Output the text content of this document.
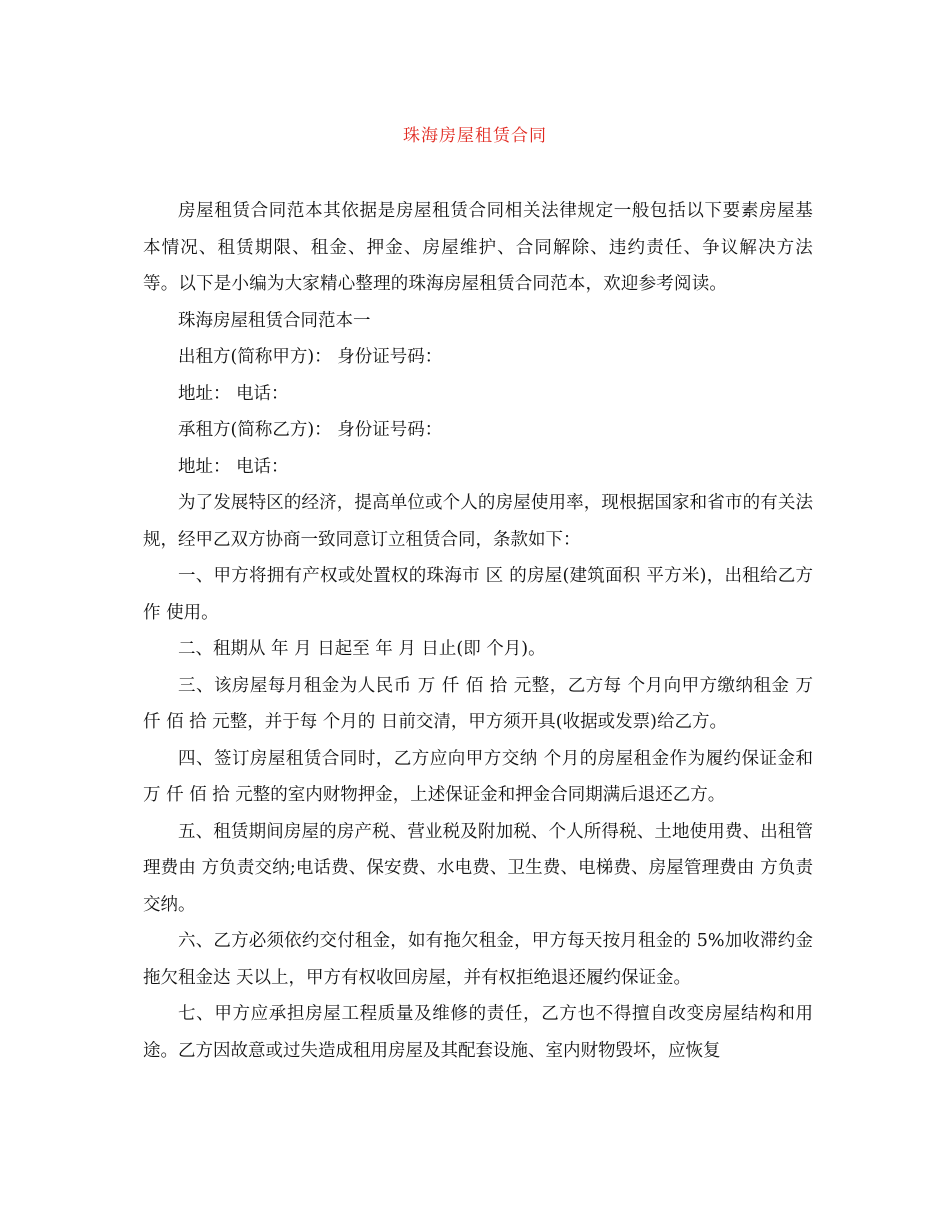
珠海房屋租赁合同

房屋租赁合同范本其依据是房屋租赁合同相关法律规定一般包括以下要素房屋基本情况、租赁期限、租金、押金、房屋维护、合同解除、违约责任、争议解决方法等。以下是小编为大家精心整理的珠海房屋租赁合同范本，欢迎参考阅读。

珠海房屋租赁合同范本一

出租方(简称甲方)： 身份证号码：

地址： 电话：

承租方(简称乙方)： 身份证号码：

地址： 电话：

为了发展特区的经济，提高单位或个人的房屋使用率，现根据国家和省市的有关法规，经甲乙双方协商一致同意订立租赁合同，条款如下：

一、甲方将拥有产权或处置权的珠海市 区 的房屋(建筑面积 平方米)，出租给乙方作 使用。

二、租期从 年 月 日起至 年 月 日止(即 个月)。

三、该房屋每月租金为人民币 万 仟 佰 拾 元整，乙方每 个月向甲方缴纳租金 万 仟 佰 拾 元整，并于每 个月的 日前交清，甲方须开具(收据或发票)给乙方。

四、签订房屋租赁合同时，乙方应向甲方交纳 个月的房屋租金作为履约保证金和 万 仟 佰 拾 元整的室内财物押金，上述保证金和押金合同期满后退还乙方。

五、租赁期间房屋的房产税、营业税及附加税、个人所得税、土地使用费、出租管理费由 方负责交纳;电话费、保安费、水电费、卫生费、电梯费、房屋管理费由 方负责交纳。

六、乙方必须依约交付租金，如有拖欠租金，甲方每天按月租金的 5%加收滞约金拖欠租金达 天以上，甲方有权收回房屋，并有权拒绝退还履约保证金。

七、甲方应承担房屋工程质量及维修的责任，乙方也不得擅自改变房屋结构和用途。乙方因故意或过失造成租用房屋及其配套设施、室内财物毁坏，应恢复
